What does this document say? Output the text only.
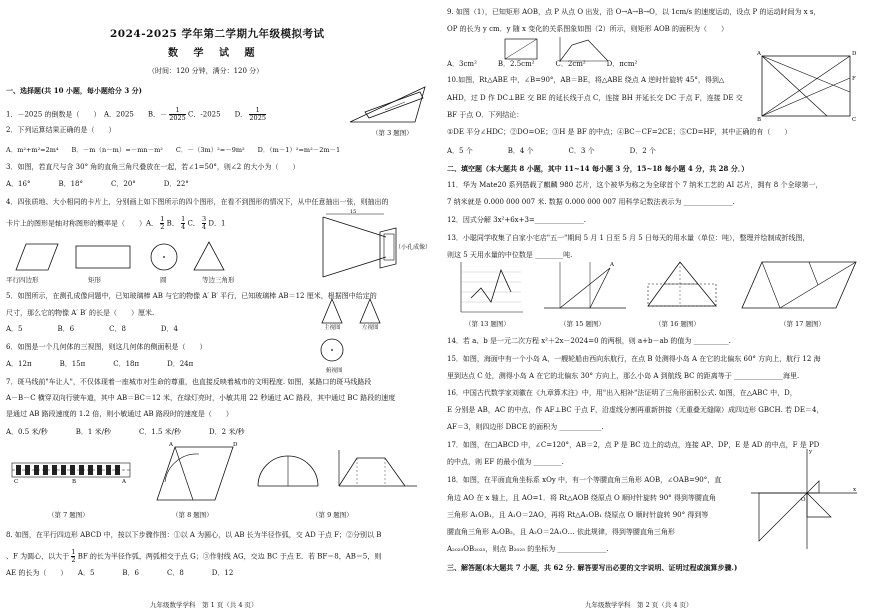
2024-2025 学年第二学期九年级模拟考试
数 学 试 题
（时间：120 分钟，满分：120 分）
一、选择题(共 10 小题，每小题给分 3 分)
1．－2025 的倒数是（　　）　A．2025　　B．－ $\frac{1}{2025}$ C．-2025　　D． $\frac{1}{2025}$
2．下列运算结果正确的是（　　）
A．m²+m²=2m⁴　　B．－m（n－m）=－mn－m²　　C．－（3m）²=－9m²　　D．（m－1）²=m²－2m－1
3．如图，若直尺与含 30° 角的直角三角尺叠放在一起，若∠1=50°，则∠2 的大小为（　　）
A．16°　　　　B．18°　　　　C．20°　　　　D．22°
（第 3 题图）
4．四张质地、大小相同的卡片上，分别画上如下图所示的四个图形，在看不到图形的情况下，从中任意抽出一张，则抽出的
卡片上的图形是轴对称图形的概率是（　　）A． $\frac{1}{2}$ B． $\frac{1}{4}$ C． $\frac{3}{4}$ D．1
平行四边形	矩形	圆	等边三角形
15
（小孔成像）
5．如图所示，在测孔成像问题中，已知玻璃棒 AB 与它的物像 A′ B′ 平行，已知玻璃棒 AB＝12 厘米，根据图中给定的
尺寸，那么它的物像 A′ B′ 的长是（　　）厘米.
A．5　　　　　B．6　　　　　C．8　　　　　D．4	主视图	左视图
俯视图
6．如图是一个几何体的三视图，则这几何体的侧面积是（　　）
A．12π　　　　B．15π　　　　C．18π　　　　D．24π
7．斑马线前"车让人"，不仅体现着一座城市对生命的尊重，也直接反映着城市的文明程度. 如图，某路口的斑马线路段
A－B－C 横穿双向行驶车道，其中 AB＝BC＝12 米，在绿灯亮时，小敏共用 22 秒通过 AC 路段，其中通过 BC 路段的速度
是通过 AB 路段速度的 1.2 倍，则小敏通过 AB 路段时的速度是（　　）
A．0.5 米/秒　　　　B．1 米/秒　　　　C．1.5 米/秒　　　　D．2 米/秒
C	B	A
（第 7 题图）
A	D
（第 8 题图）	（第 9 题图）
8. 如图，在平行四边形 ABCD 中，按以下步骤作图：①以 A 为圆心，以 AB 长为半径作弧，交 AD 于点 F；②分别以 B
、F 为圆心，以大于 $\frac{1}{2}$ BF 的长为半径作弧，两弧相交于点 G；③作射线 AG，交边 BC 于点 E．若 BF＝8，AB＝5，则
AE 的长为（　　）　　A．5　　　　B．6　　　　C．8　　　　D．12
九年级数学学科　第 1 页（共 4 页）
9. 如图（1），已知矩形 AOB，点 P 从点 O 出发，沿 O→A→B→O，以 1cm/s 的速度运动，设点 P 的运动时间为 x s，
OP 的长为 y cm．y 随 x 变化的关系图象如图（2）所示，则矩形 AOB 的面积为（　　）
A．3cm²　　　B．2.5cm²　　　C．2cm²　　　D．πcm²
A	D
B	C
F
10.如图，Rt△ABE 中，∠B=90°，AB＝BE，将△ABE 绕点 A 逆时针旋转 45°，得到△
AHD，过 D 作 DC⊥BE 交 BE 的延长线于点 C，连接 BH 并延长交 DC 于点 F，连接 DE 交
BF 于点 O．下列结论：
①DE 平分∠HDC；②DO=OE；③H 是 BF 的中点；④BC－CF=2CE；⑤CD=HF，其中正确的有（　　）
A．5 个　　　　　B．4 个　　　　　C．3 个　　　　　D．2 个
二、填空题（本大题共 8 小题，其中 11~14 每小题 3 分，15~18 每小题 4 分，共 28 分．）
11．华为 Mate20 系列搭载了麒麟 980 芯片，这个被华为称之为全球首个 7 纳米工艺的 AI 芯片，拥有 8 个全球第一，
7 纳米就是 0.000 000 007 米. 数据 0.000 000 007 用科学记数法表示为 ______________.
12．因式分解 3x²+6x+3=______________.
13．小聪同学收集了自家小宅店"五一"期间 5 月 1 日至 5 月 5 日每天的用水量（单位：吨），整理并绘制成折线图，
则这 5 天用水量的中位数是 ________吨.
（第 13 题图）
A
（第 15 题图）	（第 16 题图）	（第 17 题图）
14．若 a、b 是一元二次方程 x²＋2x－2024=0 的两根，则 a+b－ab 的值为 __________.
15．如图，海面中有一个小岛 A，一艘轮船由西向东航行，在点 B 处测得小岛 A 在它的北偏东 60° 方向上，航行 12 海
里到达点 C 处，测得小岛 A 在它的北偏东 30° 方向上，那么小岛 A 到航线 BC 的距离等于 ______________海里.
16．中国古代数学家刘徽在《九章算术注》中，用"出入相补"法证明了三角形面积公式. 如图，在△ABC 中，D，
E 分别是 AB，AC 的中点，作 AF⊥BC 于点 F，沿虚线分割再重新拼接（无重叠无缝隙）成四边形 GBCH. 若 DE＝4，
AF＝3，则四边形 DBCE 的面积为 ____________.
17．如图，在□ABCD 中，∠C=120°，AB＝2，点 P 是 BC 边上的动点，连接 AP、DP，E 是 AD 的中点，F 是 PD
的中点，则 EF 的最小值为 ________.
18．如图，在平面直角坐标系 xOy 中，有一个等腰直角三角形 AOB，∠OAB=90°，直
角边 AO 在 x 轴上，且 AO=1．将 Rt△AOB 绕原点 O 顺时针旋转 90° 得到等腰直角
三角形 A₁OB₁，且 A₁O＝2AO，再将 Rt△A₁OB₁ 绕原点 O 顺时针旋转 90° 得到等
腰直角三角形 A₂OB₂，且 A₂O＝2A₁O… 依此规律，得到等腰直角三角形
A₂₀₂₅OB₂₀₂₅，则点 B₂₀₂₅ 的坐标为 ______________.
x
y
O
三、解答题(本大题共 7 小题，共 62 分. 解答要写出必要的文字说明、证明过程或演算步骤.)
九年级数学学科　第 2 页（共 4 页）
